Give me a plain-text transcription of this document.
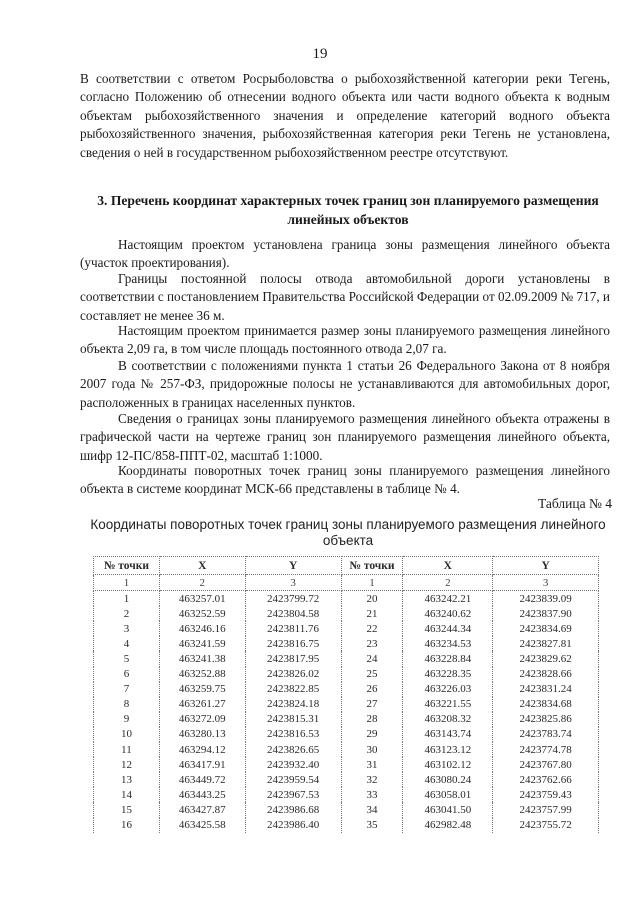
19

В соответствии с ответом Росрыболовства о рыбохозяйственной категории реки Тегень, согласно Положению об отнесении водного объекта или части водного объекта к водным объектам рыбохозяйственного значения и определение категорий водного объекта рыбохозяйственного значения, рыбохозяйственная категория реки Тегень не установлена, сведения о ней в государственном рыбохозяйственном реестре отсутствуют.

3. Перечень координат характерных точек границ зон планируемого размещения линейных объектов

Настоящим проектом установлена граница зоны размещения линейного объекта (участок проектирования).

Границы постоянной полосы отвода автомобильной дороги установлены в соответствии с постановлением Правительства Российской Федерации от 02.09.2009 № 717, и составляет не менее 36 м.

Настоящим проектом принимается размер зоны планируемого размещения линейного объекта 2,09 га, в том числе площадь постоянного отвода 2,07 га.

В соответствии с положениями пункта 1 статьи 26 Федерального Закона от 8 ноября 2007 года № 257-ФЗ, придорожные полосы не устанавливаются для автомобильных дорог, расположенных в границах населенных пунктов.

Сведения о границах зоны планируемого размещения линейного объекта отражены в графической части на чертеже границ зон планируемого размещения линейного объекта, шифр 12-ПС/858-ППТ-02, масштаб 1:1000.

Координаты поворотных точек границ зоны планируемого размещения линейного объекта в системе координат МСК-66 представлены в таблице № 4.

Таблица № 4
Координаты поворотных точек границ зоны планируемого размещения линейного объекта
№ точки	X	Y	№ точки	X	Y
1	2	3	1	2	3
1	463257.01	2423799.72	20	463242.21	2423839.09
2	463252.59	2423804.58	21	463240.62	2423837.90
3	463246.16	2423811.76	22	463244.34	2423834.69
4	463241.59	2423816.75	23	463234.53	2423827.81
5	463241.38	2423817.95	24	463228.84	2423829.62
6	463252.88	2423826.02	25	463228.35	2423828.66
7	463259.75	2423822.85	26	463226.03	2423831.24
8	463261.27	2423824.18	27	463221.55	2423834.68
9	463272.09	2423815.31	28	463208.32	2423825.86
10	463280.13	2423816.53	29	463143.74	2423783.74
11	463294.12	2423826.65	30	463123.12	2423774.78
12	463417.91	2423932.40	31	463102.12	2423767.80
13	463449.72	2423959.54	32	463080.24	2423762.66
14	463443.25	2423967.53	33	463058.01	2423759.43
15	463427.87	2423986.68	34	463041.50	2423757.99
16	463425.58	2423986.40	35	462982.48	2423755.72
